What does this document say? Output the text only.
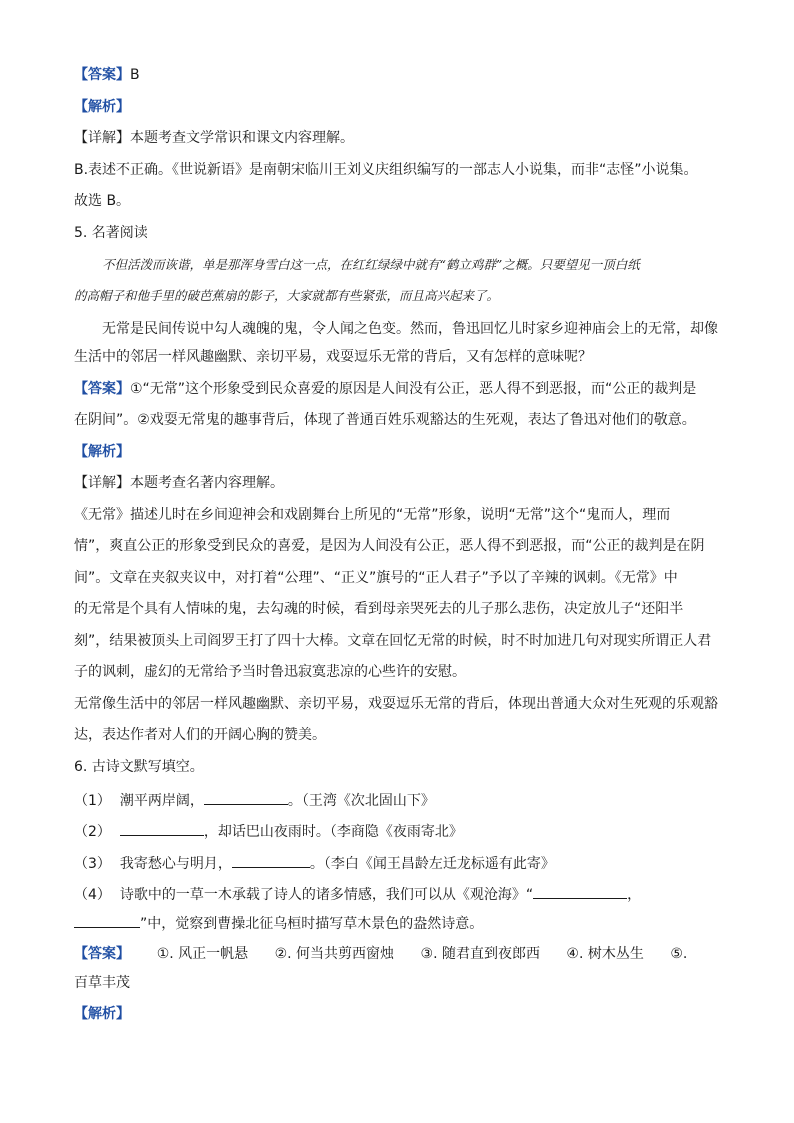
【答案】B
【解析】
【详解】本题考查文学常识和课文内容理解。
B.表述不正确。《世说新语》是南朝宋临川王刘义庆组织编写的一部志人小说集，而非“志怪”小说集。
故选 B。
5. 名著阅读
不但活泼而诙谐，单是那浑身雪白这一点，在红红绿绿中就有“鹤立鸡群”之概。只要望见一顶白纸
的高帽子和他手里的破芭蕉扇的影子，大家就都有些紧张，而且高兴起来了。
无常是民间传说中勾人魂魄的鬼，令人闻之色变。然而，鲁迅回忆儿时家乡迎神庙会上的无常，却像
生活中的邻居一样风趣幽默、亲切平易，戏耍逗乐无常的背后，又有怎样的意味呢？
【答案】①“无常”这个形象受到民众喜爱的原因是人间没有公正，恶人得不到恶报，而“公正的裁判是
在阴间”。②戏耍无常鬼的趣事背后，体现了普通百姓乐观豁达的生死观，表达了鲁迅对他们的敬意。
【解析】
【详解】本题考查名著内容理解。
《无常》描述儿时在乡间迎神会和戏剧舞台上所见的“无常”形象，说明“无常”这个“鬼而人，理而
情”，爽直公正的形象受到民众的喜爱，是因为人间没有公正，恶人得不到恶报，而“公正的裁判是在阴
间”。文章在夹叙夹议中，对打着“公理”、“正义”旗号的“正人君子”予以了辛辣的讽刺。《无常》中
的无常是个具有人情味的鬼，去勾魂的时候，看到母亲哭死去的儿子那么悲伤，决定放儿子“还阳半
刻”，结果被顶头上司阎罗王打了四十大棒。文章在回忆无常的时候，时不时加进几句对现实所谓正人君
子的讽刺，虚幻的无常给予当时鲁迅寂寞悲凉的心些许的安慰。
无常像生活中的邻居一样风趣幽默、亲切平易，戏耍逗乐无常的背后，体现出普通大众对生死观的乐观豁
达，表达作者对人们的开阔心胸的赞美。
6. 古诗文默写填空。
（1） 潮平两岸阔，	。（王湾《次北固山下》
（2）	，却话巴山夜雨时。（李商隐《夜雨寄北》
（3） 我寄愁心与明月，	。（李白《闻王昌龄左迁龙标遥有此寄》
（4） 诗歌中的一草一木承载了诗人的诸多情感，我们可以从《观沧海》“	，
”中，觉察到曹操北征乌桓时描写草木景色的盎然诗意。
【答案】 ①. 风正一帆悬 ②. 何当共剪西窗烛 ③. 随君直到夜郎西 ④. 树木丛生 ⑤.
百草丰茂
【解析】
